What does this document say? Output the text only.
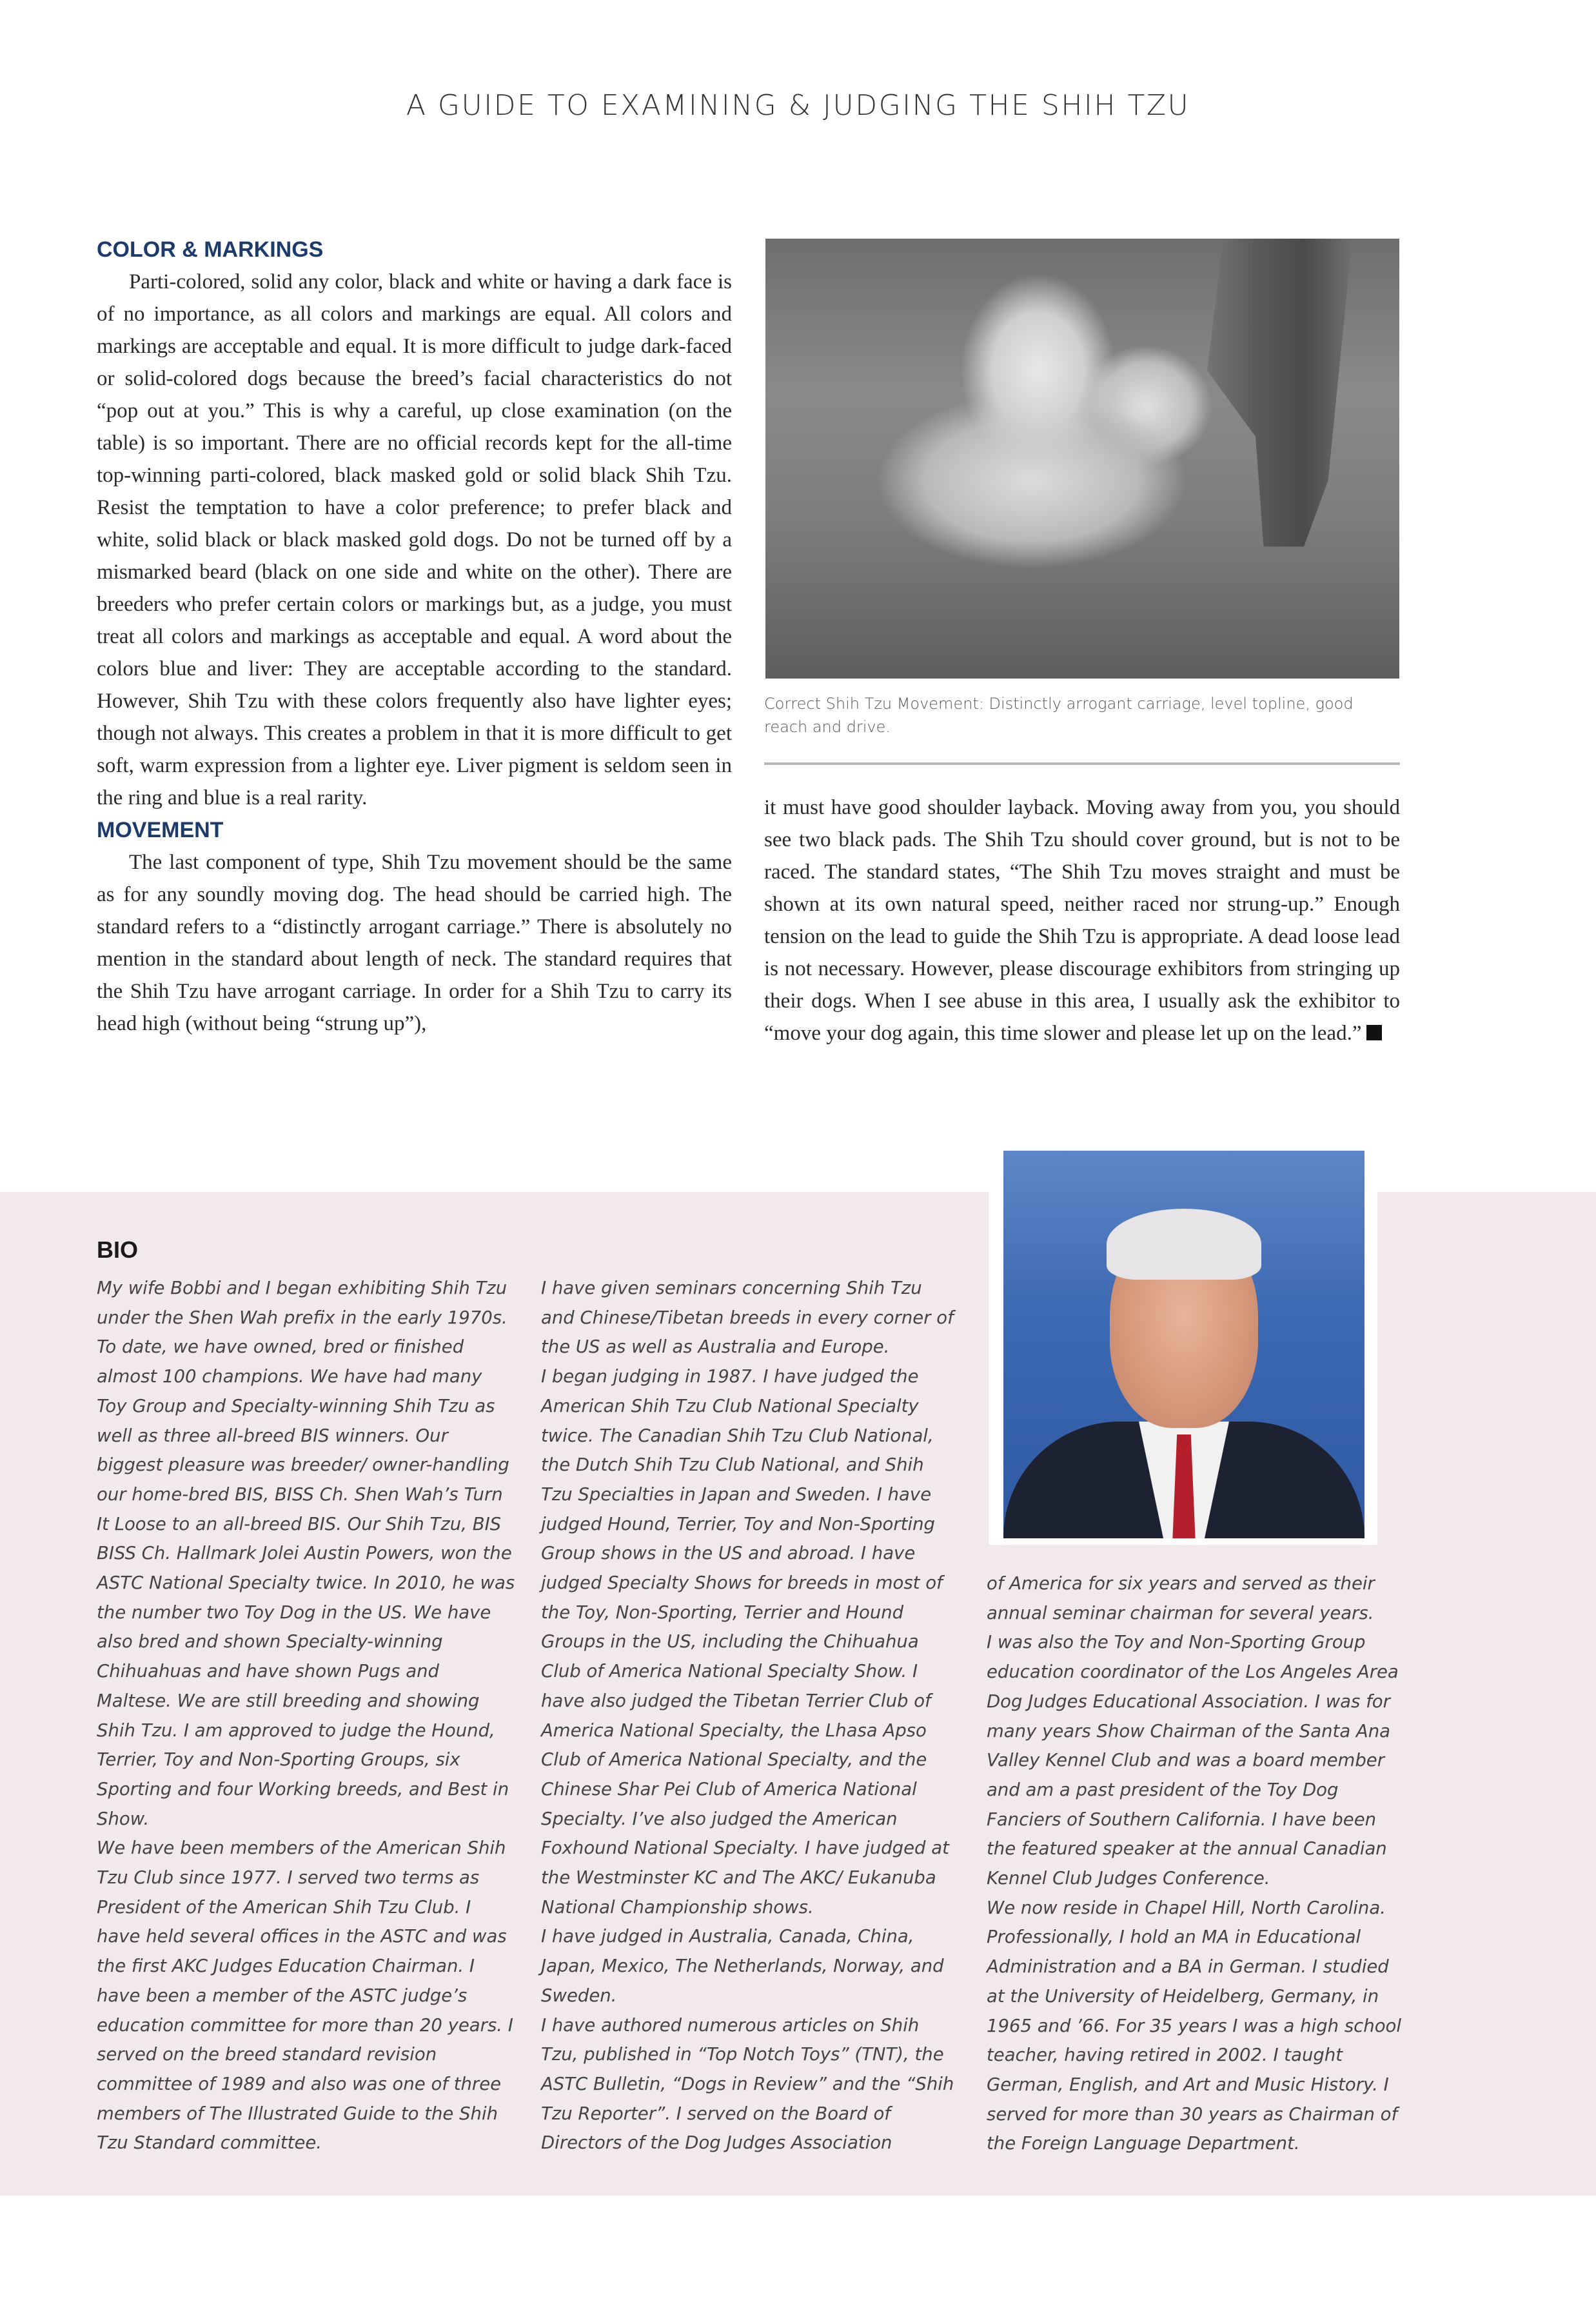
A GUIDE TO EXAMINING & JUDGING THE SHIH TZU
COLOR & MARKINGS

Parti-colored, solid any color, black and white or having a dark face is of no importance, as all colors and markings are equal. All colors and markings are acceptable and equal. It is more difficult to judge dark-faced or solid-colored dogs because the breed’s facial characteristics do not “pop out at you.” This is why a careful, up close examination (on the table) is so important. There are no official records kept for the all-time top-winning parti-colored, black masked gold or solid black Shih Tzu. Resist the temptation to have a color preference; to prefer black and white, solid black or black masked gold dogs. Do not be turned off by a mismarked beard (black on one side and white on the other). There are breeders who prefer certain colors or markings but, as a judge, you must treat all colors and markings as acceptable and equal. A word about the colors blue and liver: They are acceptable according to the standard. However, Shih Tzu with these colors frequently also have lighter eyes; though not always. This creates a problem in that it is more difficult to get soft, warm expression from a lighter eye. Liver pigment is seldom seen in the ring and blue is a real rarity.

MOVEMENT

The last component of type, Shih Tzu movement should be the same as for any soundly moving dog. The head should be carried high. The standard refers to a “distinctly arrogant carriage.” There is absolutely no mention in the standard about length of neck. The standard requires that the Shih Tzu have arrogant carriage. In order for a Shih Tzu to carry its head high (without being “strung up”),

Correct Shih Tzu Movement: Distinctly arrogant carriage, level topline, good reach and drive.

it must have good shoulder layback. Moving away from you, you should see two black pads. The Shih Tzu should cover ground, but is not to be raced. The standard states, “The Shih Tzu moves straight and must be shown at its own natural speed, neither raced nor strung-up.” Enough tension on the lead to guide the Shih Tzu is appropriate. A dead loose lead is not necessary. However, please discourage exhibitors from stringing up their dogs. When I see abuse in this area, I usually ask the exhibitor to “move your dog again, this time slower and please let up on the lead.”

BIO

My wife Bobbi and I began exhibiting Shih Tzu under the Shen Wah prefix in the early 1970s. To date, we have owned, bred or finished almost 100 champions. We have had many Toy Group and Specialty-winning Shih Tzu as well as three all-breed BIS winners. Our biggest pleasure was breeder/ owner-handling our home-bred BIS, BISS Ch. Shen Wah’s Turn It Loose to an all-breed BIS. Our Shih Tzu, BIS BISS Ch. Hallmark Jolei Austin Powers, won the ASTC National Specialty twice. In 2010, he was the number two Toy Dog in the US. We have also bred and shown Specialty-winning Chihuahuas and have shown Pugs and Maltese. We are still breeding and showing Shih Tzu. I am approved to judge the Hound, Terrier, Toy and Non-Sporting Groups, six Sporting and four Working breeds, and Best in Show.

We have been members of the American Shih Tzu Club since 1977. I served two terms as President of the American Shih Tzu Club. I have held several offices in the ASTC and was the first AKC Judges Education Chairman. I have been a member of the ASTC judge’s education committee for more than 20 years. I served on the breed standard revision committee of 1989 and also was one of three members of The Illustrated Guide to the Shih Tzu Standard committee.

I have given seminars concerning Shih Tzu and Chinese/Tibetan breeds in every corner of the US as well as Australia and Europe.

I began judging in 1987. I have judged the American Shih Tzu Club National Specialty twice. The Canadian Shih Tzu Club National, the Dutch Shih Tzu Club National, and Shih Tzu Specialties in Japan and Sweden. I have judged Hound, Terrier, Toy and Non-Sporting Group shows in the US and abroad. I have judged Specialty Shows for breeds in most of the Toy, Non-Sporting, Terrier and Hound Groups in the US, including the Chihuahua Club of America National Specialty Show. I have also judged the Tibetan Terrier Club of America National Specialty, the Lhasa Apso Club of America National Specialty, and the Chinese Shar Pei Club of America National Specialty. I’ve also judged the American Foxhound National Specialty. I have judged at the Westminster KC and The AKC/ Eukanuba National Championship shows.

I have judged in Australia, Canada, China, Japan, Mexico, The Netherlands, Norway, and Sweden.

I have authored numerous articles on Shih Tzu, published in “Top Notch Toys” (TNT), the ASTC Bulletin, “Dogs in Review” and the “Shih Tzu Reporter”. I served on the Board of Directors of the Dog Judges Association

of America for six years and served as their annual seminar chairman for several years.

I was also the Toy and Non-Sporting Group education coordinator of the Los Angeles Area Dog Judges Educational Association. I was for many years Show Chairman of the Santa Ana Valley Kennel Club and was a board member and am a past president of the Toy Dog Fanciers of Southern California. I have been the featured speaker at the annual Canadian Kennel Club Judges Conference.

We now reside in Chapel Hill, North Carolina. Professionally, I hold an MA in Educational Administration and a BA in German. I studied at the University of Heidelberg, Germany, in 1965 and ’66. For 35 years I was a high school teacher, having retired in 2002. I taught German, English, and Art and Music History. I served for more than 30 years as Chairman of the Foreign Language Department.
